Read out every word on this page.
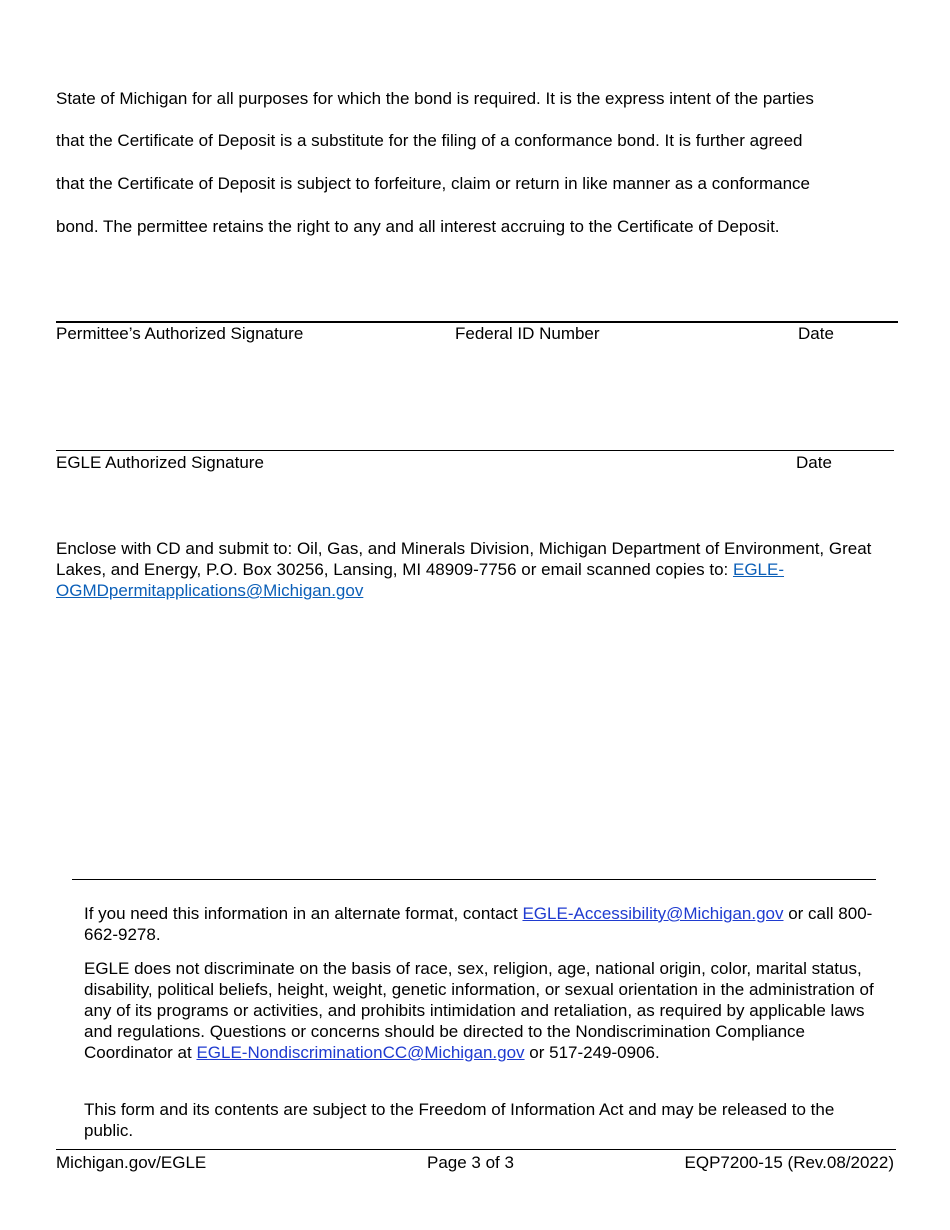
State of Michigan for all purposes for which the bond is required. It is the express intent of the parties
that the Certificate of Deposit is a substitute for the filing of a conformance bond. It is further agreed
that the Certificate of Deposit is subject to forfeiture, claim or return in like manner as a conformance
bond. The permittee retains the right to any and all interest accruing to the Certificate of Deposit.
Permittee’s Authorized Signature	Federal ID Number	Date
EGLE Authorized Signature	Date
Enclose with CD and submit to: Oil, Gas, and Minerals Division, Michigan Department of Environment, Great Lakes, and Energy, P.O. Box 30256, Lansing, MI 48909-7756 or email scanned copies to: EGLE-OGMDpermitapplications@Michigan.gov
If you need this information in an alternate format, contact EGLE-Accessibility@Michigan.gov or call 800-662-9278.
EGLE does not discriminate on the basis of race, sex, religion, age, national origin, color, marital status, disability, political beliefs, height, weight, genetic information, or sexual orientation in the administration of any of its programs or activities, and prohibits intimidation and retaliation, as required by applicable laws and regulations. Questions or concerns should be directed to the Nondiscrimination Compliance Coordinator at EGLE-NondiscriminationCC@Michigan.gov or 517-249-0906.
This form and its contents are subject to the Freedom of Information Act and may be released to the public.
Michigan.gov/EGLE	Page 3 of 3	EQP7200-15 (Rev.08/2022)
